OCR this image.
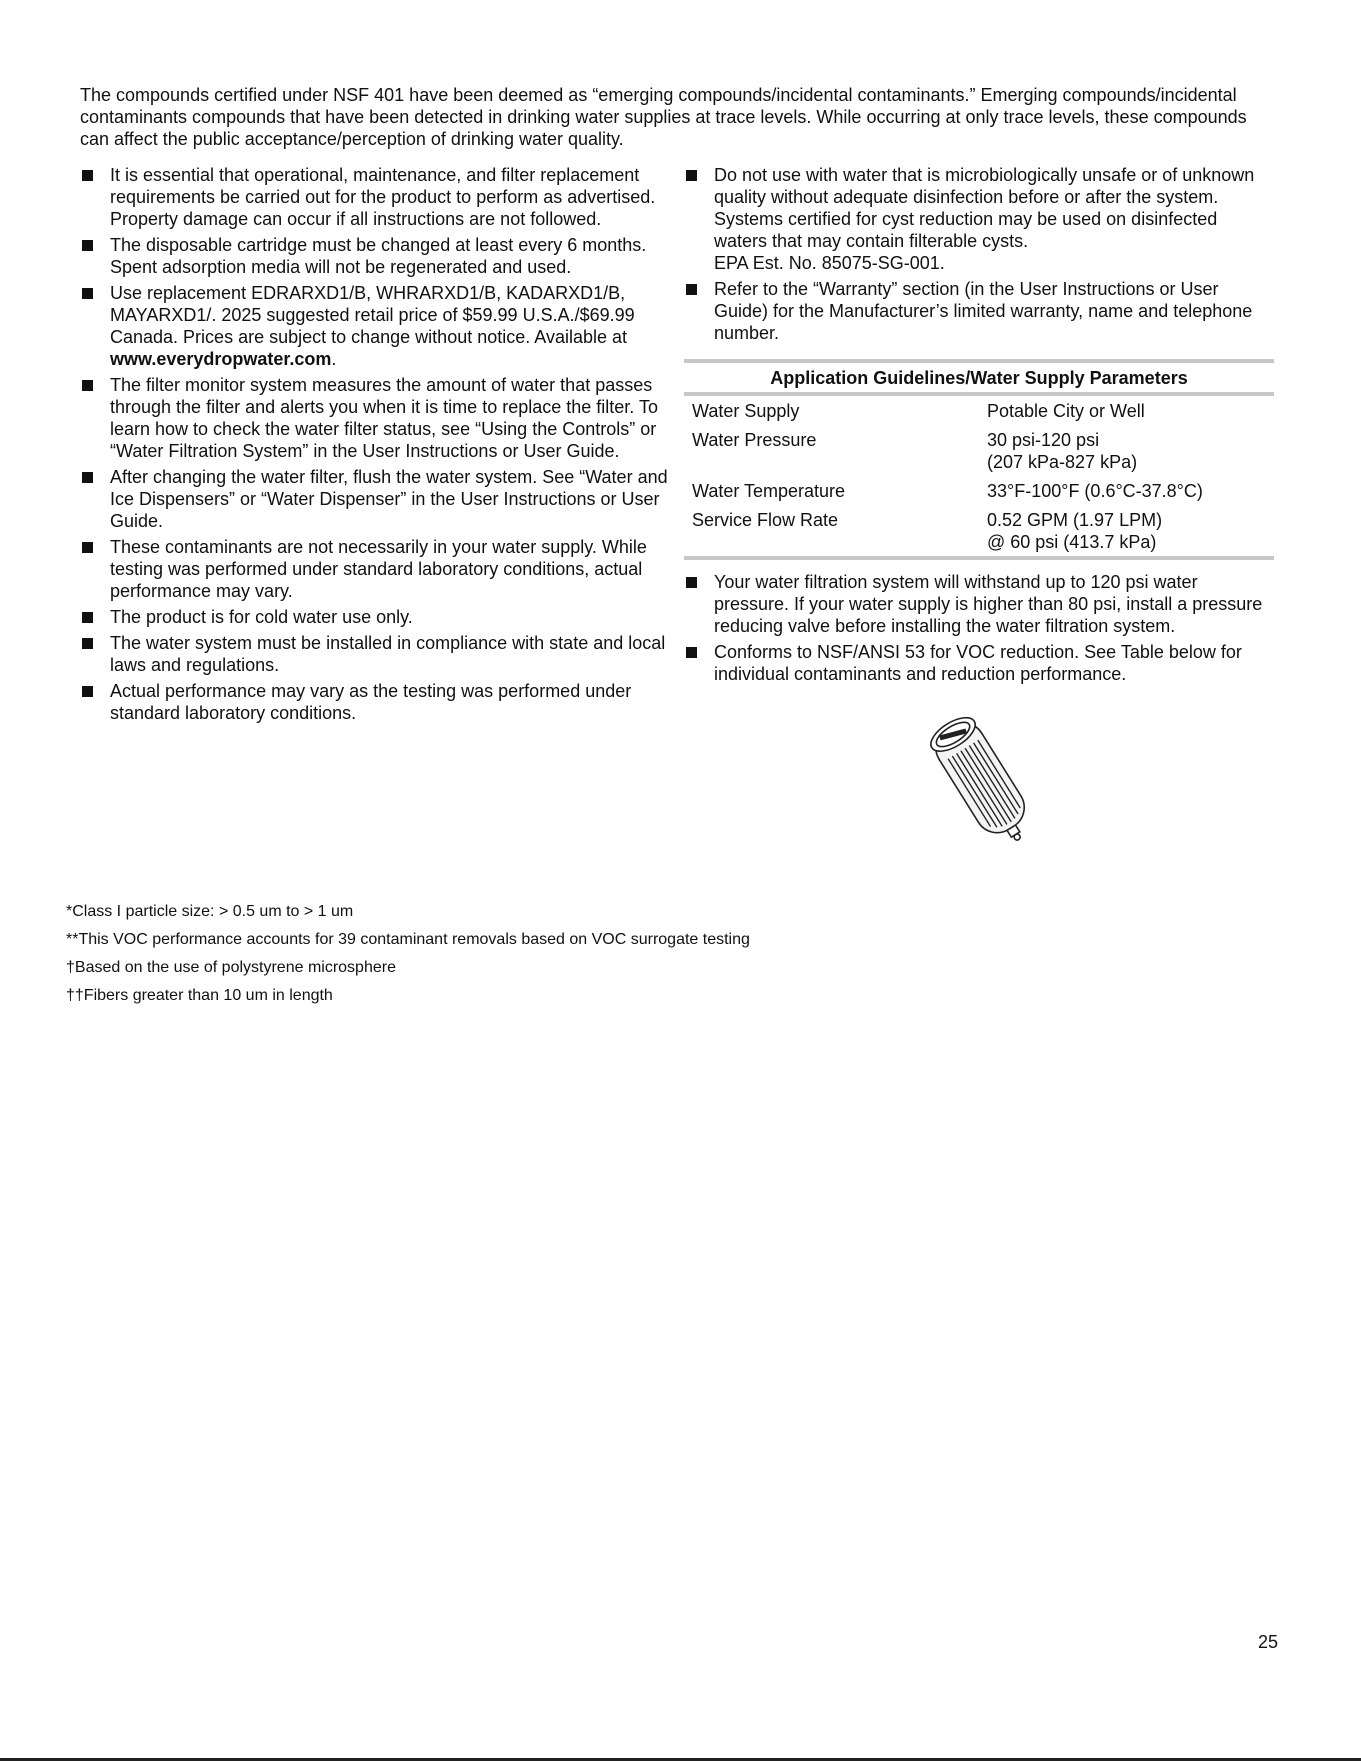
The compounds certified under NSF 401 have been deemed as “emerging compounds/incidental contaminants.” Emerging compounds/incidental contaminants compounds that have been detected in drinking water supplies at trace levels. While occurring at only trace levels, these compounds can affect the public acceptance/perception of drinking water quality.

It is essential that operational, maintenance, and filter replacement requirements be carried out for the product to perform as advertised. Property damage can occur if all instructions are not followed.
The disposable cartridge must be changed at least every 6 months. Spent adsorption media will not be regenerated and used.
Use replacement EDRARXD1/B, WHRARXD1/B, KADARXD1/B, MAYARXD1/. 2025 suggested retail price of $59.99 U.S.A./$69.99 Canada. Prices are subject to change without notice. Available at www.everydropwater.com.
The filter monitor system measures the amount of water that passes through the filter and alerts you when it is time to replace the filter. To learn how to check the water filter status, see “Using the Controls” or “Water Filtration System” in the User Instructions or User Guide.
After changing the water filter, flush the water system. See “Water and Ice Dispensers” or “Water Dispenser” in the User Instructions or User Guide.
These contaminants are not necessarily in your water supply. While testing was performed under standard laboratory conditions, actual performance may vary.
The product is for cold water use only.
The water system must be installed in compliance with state and local laws and regulations.
Actual performance may vary as the testing was performed under standard laboratory conditions.
Do not use with water that is microbiologically unsafe or of unknown quality without adequate disinfection before or after the system. Systems certified for cyst reduction may be used on disinfected waters that may contain filterable cysts.
EPA Est. No. 85075-SG-001.
Refer to the “Warranty” section (in the User Instructions or User Guide) for the Manufacturer’s limited warranty, name and telephone number.
Application Guidelines/Water Supply Parameters
Water Supply	Potable City or Well
Water Pressure	30 psi-120 psi
(207 kPa-827 kPa)
Water Temperature	33°F-100°F (0.6°C-37.8°C)
Service Flow Rate	0.52 GPM (1.97 LPM)
@ 60 psi (413.7 kPa)
Your water filtration system will withstand up to 120 psi water pressure. If your water supply is higher than 80 psi, install a pressure reducing valve before installing the water filtration system.
Conforms to NSF/ANSI 53 for VOC reduction. See Table below for individual contaminants and reduction performance.

*Class I particle size: > 0.5 um to > 1 um

**This VOC performance accounts for 39 contaminant removals based on VOC surrogate testing

†Based on the use of polystyrene microsphere

††Fibers greater than 10 um in length

25
